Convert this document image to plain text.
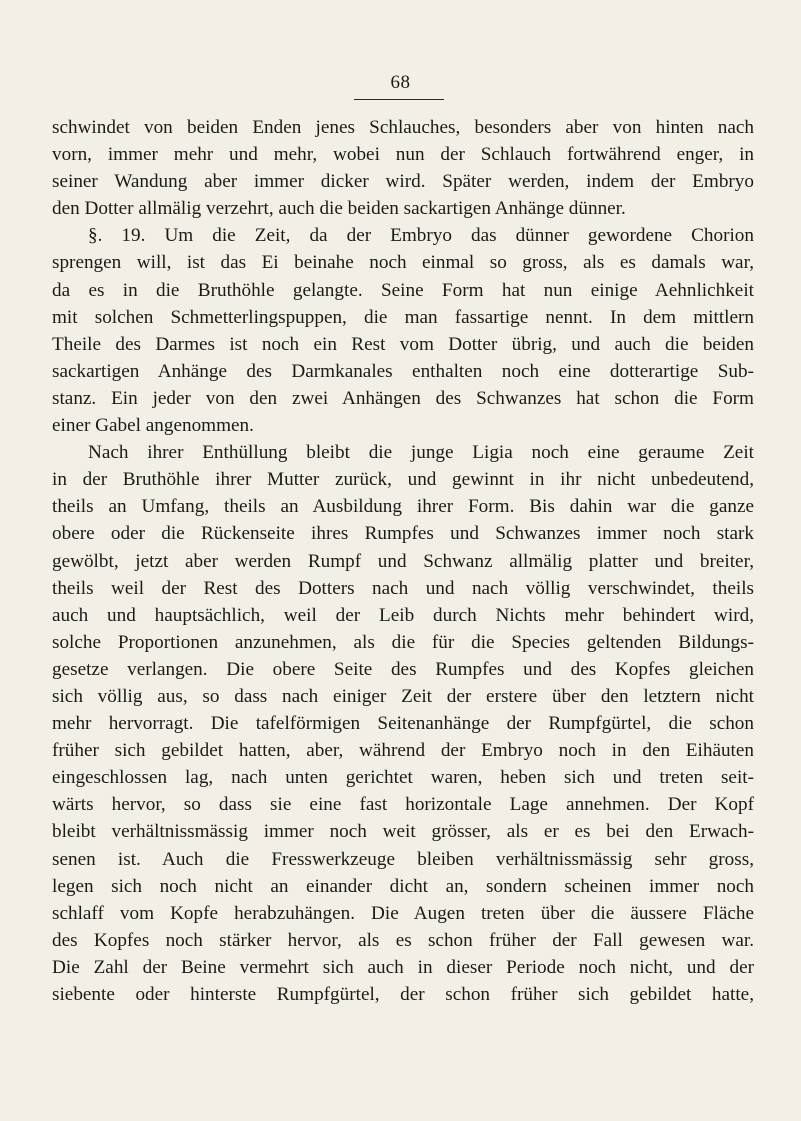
68
schwindet von beiden Enden jenes Schlauches, besonders aber von hinten nach
vorn, immer mehr und mehr, wobei nun der Schlauch fortwährend enger, in
seiner Wandung aber immer dicker wird. Später werden, indem der Embryo
den Dotter allmälig verzehrt, auch die beiden sackartigen Anhänge dünner.
§. 19. Um die Zeit, da der Embryo das dünner gewordene Chorion
sprengen will, ist das Ei beinahe noch einmal so gross, als es damals war,
da es in die Bruthöhle gelangte. Seine Form hat nun einige Aehnlichkeit
mit solchen Schmetterlingspuppen, die man fassartige nennt. In dem mittlern
Theile des Darmes ist noch ein Rest vom Dotter übrig, und auch die beiden
sackartigen Anhänge des Darmkanales enthalten noch eine dotterartige Sub-
stanz. Ein jeder von den zwei Anhängen des Schwanzes hat schon die Form
einer Gabel angenommen.
Nach ihrer Enthüllung bleibt die junge Ligia noch eine geraume Zeit
in der Bruthöhle ihrer Mutter zurück, und gewinnt in ihr nicht unbedeutend,
theils an Umfang, theils an Ausbildung ihrer Form. Bis dahin war die ganze
obere oder die Rückenseite ihres Rumpfes und Schwanzes immer noch stark
gewölbt, jetzt aber werden Rumpf und Schwanz allmälig platter und breiter,
theils weil der Rest des Dotters nach und nach völlig verschwindet, theils
auch und hauptsächlich, weil der Leib durch Nichts mehr behindert wird,
solche Proportionen anzunehmen, als die für die Species geltenden Bildungs-
gesetze verlangen. Die obere Seite des Rumpfes und des Kopfes gleichen
sich völlig aus, so dass nach einiger Zeit der erstere über den letztern nicht
mehr hervorragt. Die tafelförmigen Seitenanhänge der Rumpfgürtel, die schon
früher sich gebildet hatten, aber, während der Embryo noch in den Eihäuten
eingeschlossen lag, nach unten gerichtet waren, heben sich und treten seit-
wärts hervor, so dass sie eine fast horizontale Lage annehmen. Der Kopf
bleibt verhältnissmässig immer noch weit grösser, als er es bei den Erwach-
senen ist. Auch die Fresswerkzeuge bleiben verhältnissmässig sehr gross,
legen sich noch nicht an einander dicht an, sondern scheinen immer noch
schlaff vom Kopfe herabzuhängen. Die Augen treten über die äussere Fläche
des Kopfes noch stärker hervor, als es schon früher der Fall gewesen war.
Die Zahl der Beine vermehrt sich auch in dieser Periode noch nicht, und der
siebente oder hinterste Rumpfgürtel, der schon früher sich gebildet hatte,
